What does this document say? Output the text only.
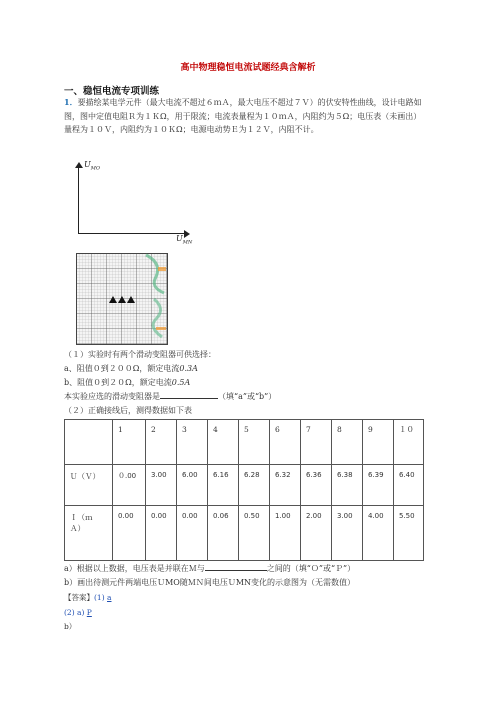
高中物理稳恒电流试题经典含解析
一、稳恒电流专项训练
1．要描绘某电学元件（最大电流不超过６ｍＡ，最大电压不超过７Ｖ）的伏安特性曲线，设计电路如图，图中定值电阻Ｒ为１ＫΩ，用于限流；电流表量程为１０ｍＡ，内阻约为５Ω；电压表（未画出）量程为１０Ｖ，内阻约为１０ＫΩ；电源电动势Ｅ为１２Ｖ，内阻不计。
$U_{MO}$
$U_{MN}$
（１）实验时有两个滑动变阻器可供选择：
a、阻值０到２００Ω，额定电流0.3A
b、阻值０到２０Ω，额定电流0.5A
本实验应选的滑动变阻器是	（填“a”或“b”）
（２）正确接线后，测得数据如下表
	1	2	3	4	5	6	7	8	9	１０
Ｕ（Ｖ）	０.00	3.00	6.00	6.16	6.28	6.32	6.36	6.38	6.39	6.40
Ｉ（ｍ
Ａ）	0.00	0.00	0.00	0.06	0.50	1.00	2.00	3.00	4.00	5.50
a）根据以上数据，电压表是并联在Ｍ与	之间的（填“Ｏ”或“Ｐ”）
b）画出待测元件两端电压ＵMO随ＭＮ间电压ＵMN变化的示意图为（无需数值）
【答案】(1) a
(2) a) P
b）
